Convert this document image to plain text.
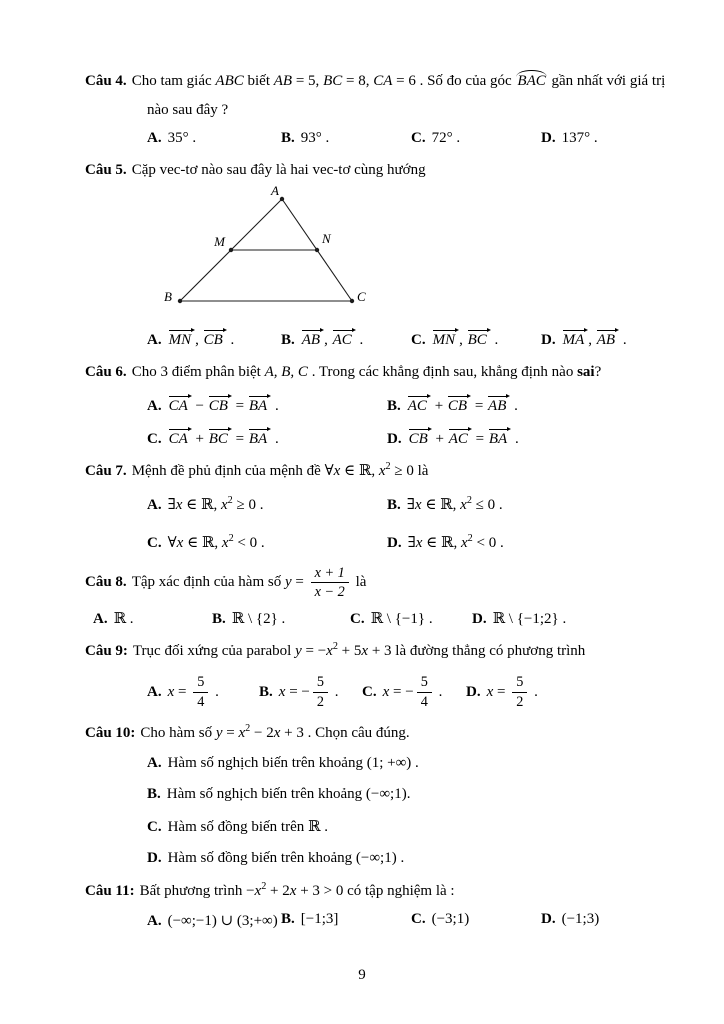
Câu 4. Cho tam giác ABC biết AB = 5, BC = 8, CA = 6 . Số đo của góc BAC gần nhất với giá trị
nào sau đây ?
A. 35° .	B. 93° .	C. 72° .	D. 137° .
Câu 5. Cặp vec-tơ nào sau đây là hai vec-tơ cùng hướng
A
M	N
B	C
A. MN , CB .	B. AB , AC .	C. MN , BC .	D. MA , AB .
Câu 6. Cho 3 điểm phân biệt A, B, C . Trong các khẳng định sau, khẳng định nào sai?
A. CA − CB = BA .	B. AC + CB = AB .
C. CA + BC = BA .	D. CB + AC = BA .
Câu 7. Mệnh đề phủ định của mệnh đề ∀x ∈ ℝ, $x^2 \ge 0$ là
A. ∃x ∈ ℝ, $x^2 \ge 0$ .	B. ∃x ∈ ℝ, $x^2 \le 0$ .
C. ∀x ∈ ℝ, $x^2 < 0$ .	D. ∃x ∈ ℝ, $x^2 < 0$ .
Câu 8. Tập xác định của hàm số $y = \frac{x + 1}{x - 2}$ là
A. ℝ .	B. ℝ \ {2} .	C. ℝ \ {−1} .	D. ℝ \ {−1;2} .
Câu 9: Trục đối xứng của parabol $y = -x^2 + 5x + 3$ là đường thẳng có phương trình
A. $x = \frac{5}{4}$ .	B. x = − $\frac{5}{2}$ .	C. x = − $\frac{5}{4}$ .	D. $x = \frac{5}{2}$ .
Câu 10: Cho hàm số $y = x^2 - 2x + 3$ . Chọn câu đúng.
A. Hàm số nghịch biến trên khoảng (1; +∞) .
B. Hàm số nghịch biến trên khoảng (−∞;1).
C. Hàm số đồng biến trên ℝ .
D. Hàm số đồng biến trên khoảng (−∞;1) .
Câu 11: Bất phương trình $-x^2 + 2x + 3 > 0$ có tập nghiệm là :
A. (−∞;−1) ∪ (3;+∞) B. [−1;3]	C. (−3;1)	D. (−1;3)
9
